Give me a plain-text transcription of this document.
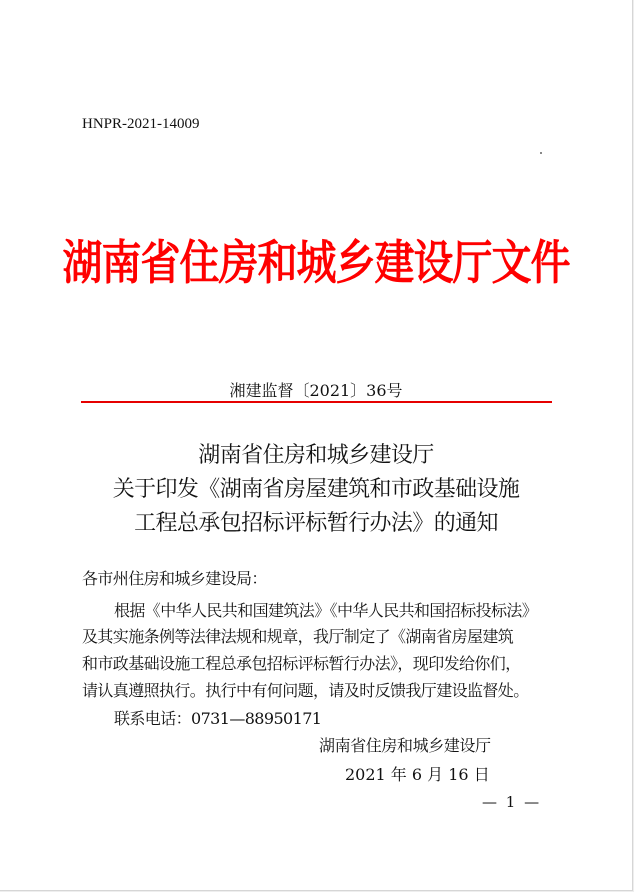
HNPR-2021-14009
湖南省住房和城乡建设厅文件
湘建监督〔2021〕36号
湖南省住房和城乡建设厅
关于印发《湖南省房屋建筑和市政基础设施
工程总承包招标评标暂行办法》的通知
各市州住房和城乡建设局：
根据《中华人民共和国建筑法》《中华人民共和国招标投标法》
及其实施条例等法律法规和规章，我厅制定了《湖南省房屋建筑
和市政基础设施工程总承包招标评标暂行办法》，现印发给你们，
请认真遵照执行。执行中有何问题，请及时反馈我厅建设监督处。
联系电话：0731—88950171
湖南省住房和城乡建设厅
2021 年 6 月 16 日
— 1 —
